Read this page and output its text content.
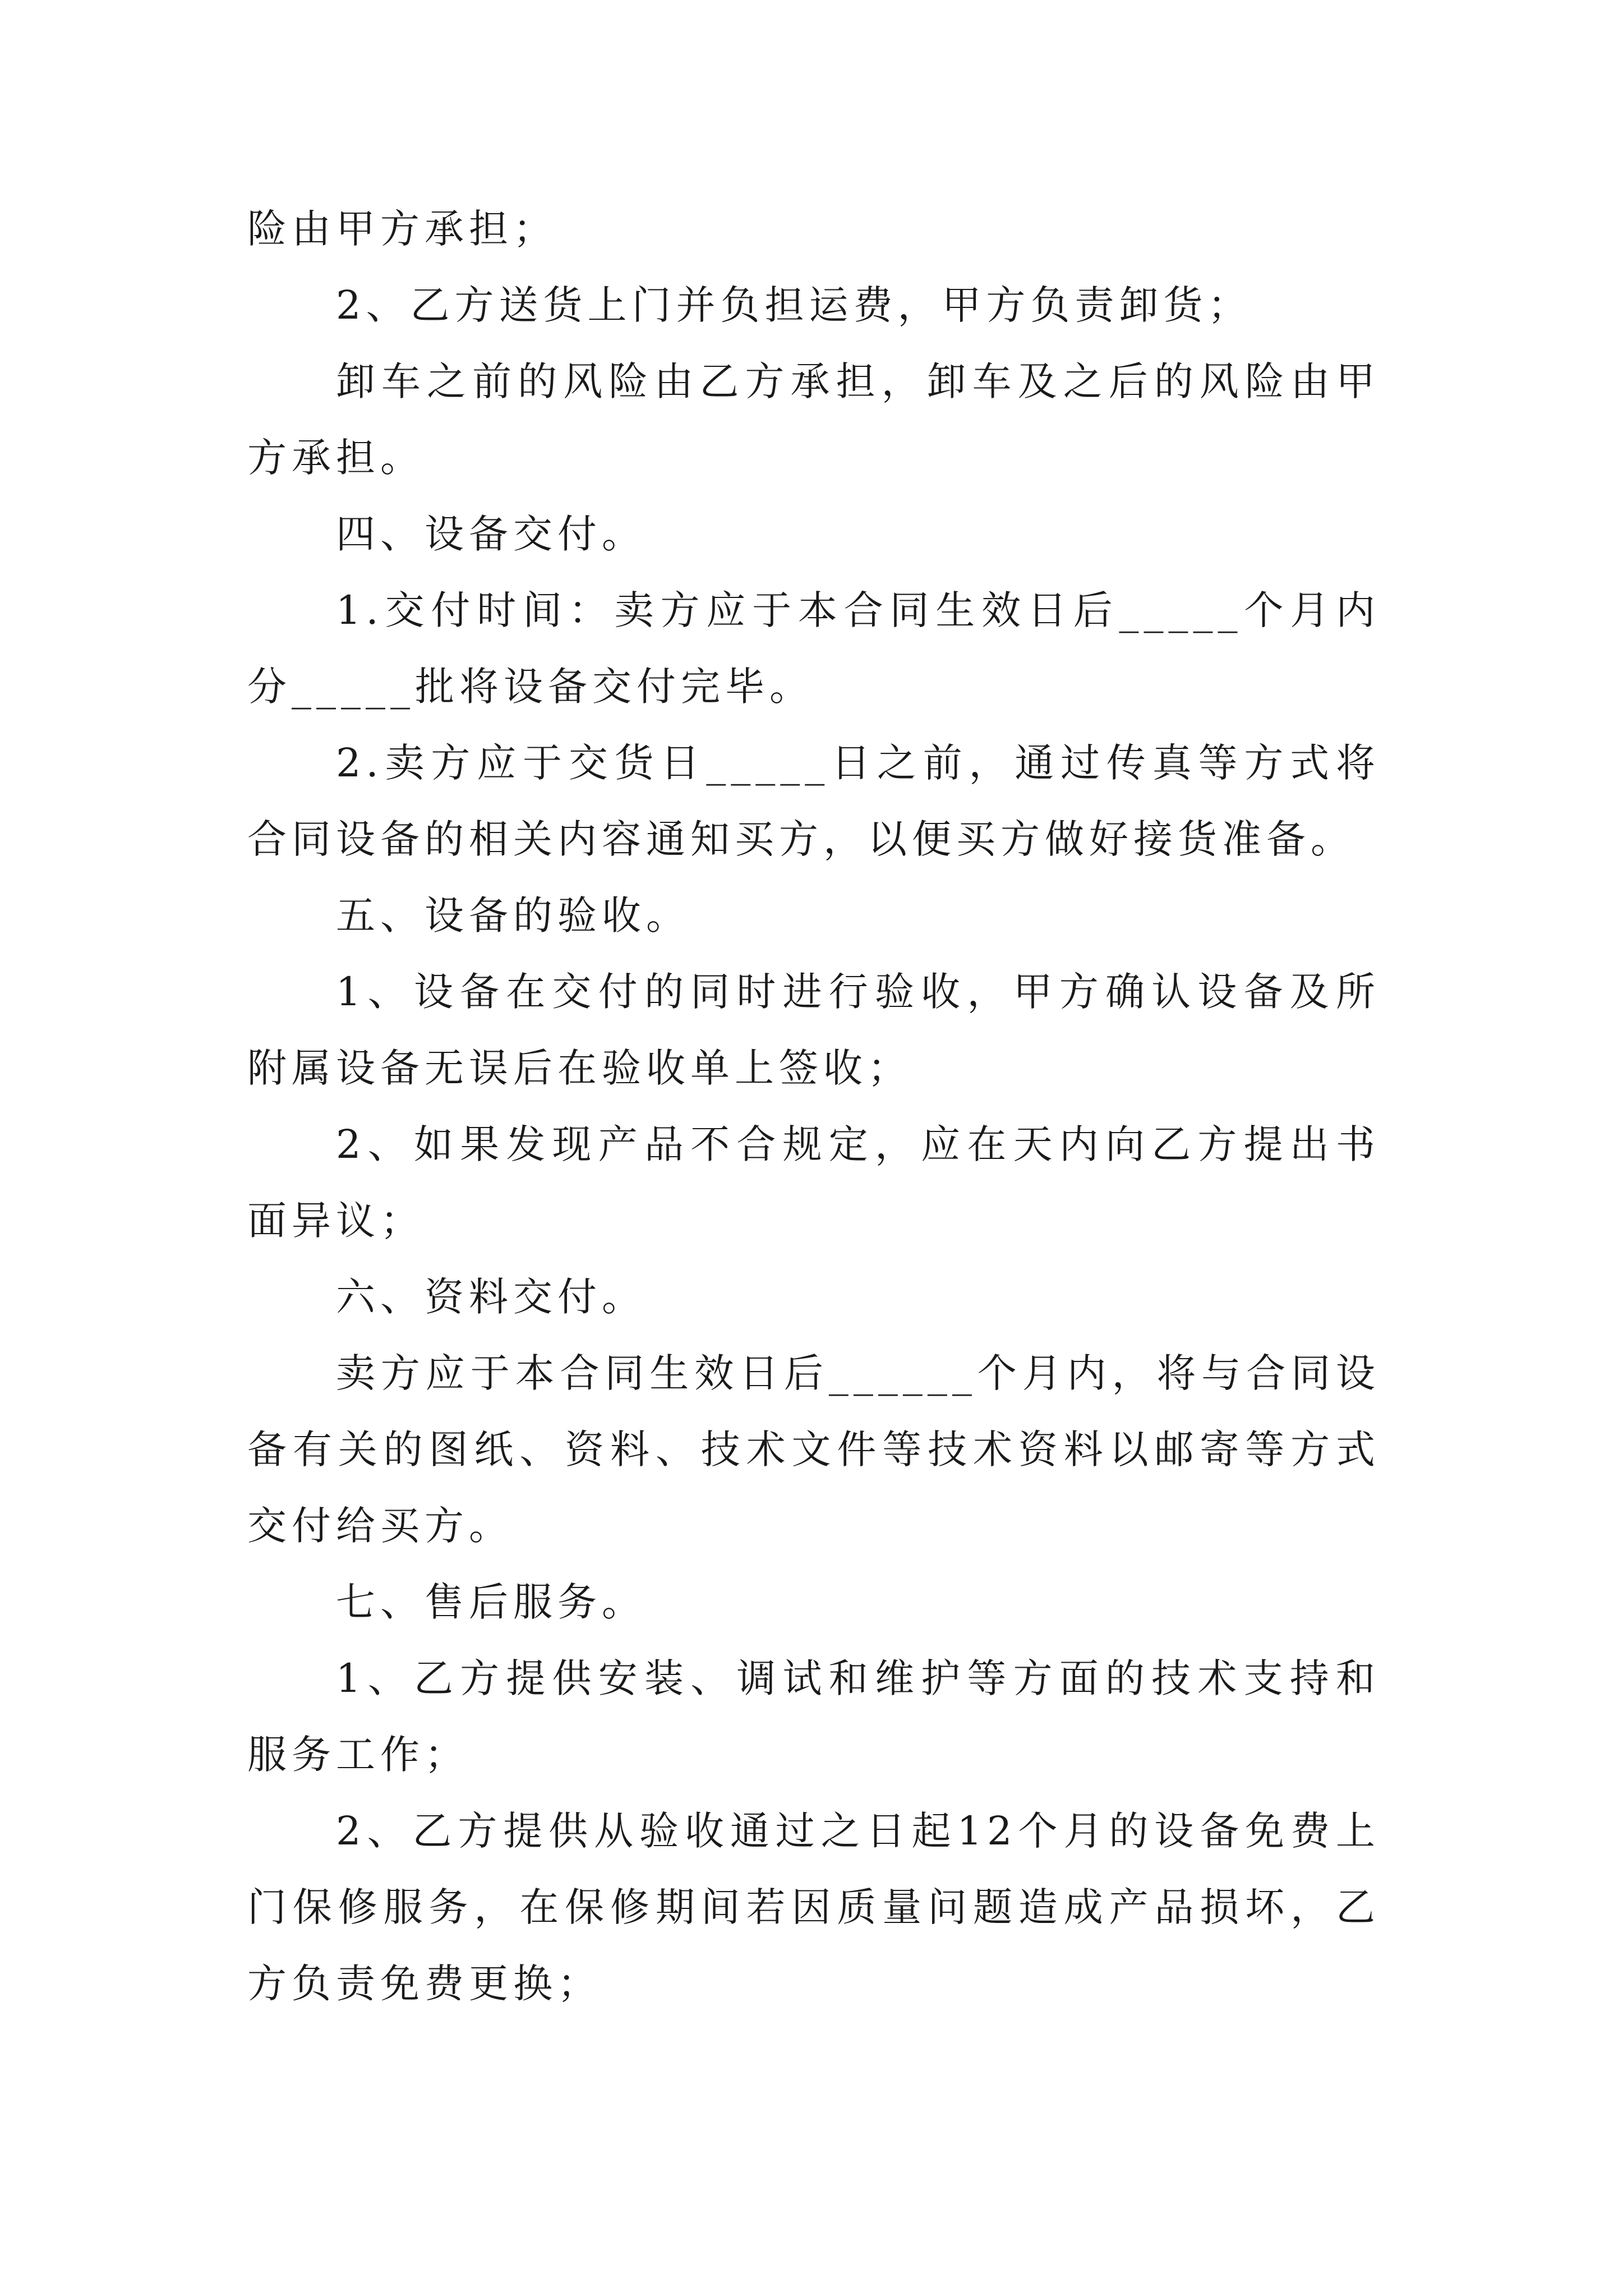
险由甲方承担；

2、乙方送货上门并负担运费，甲方负责卸货；

卸车之前的风险由乙方承担，卸车及之后的风险由甲方承担。

四、设备交付。

1.交付时间：卖方应于本合同生效日后_____个月内分_____批将设备交付完毕。

2.卖方应于交货日_____日之前，通过传真等方式将合同设备的相关内容通知买方，以便买方做好接货准备。

五、设备的验收。

1、设备在交付的同时进行验收，甲方确认设备及所附属设备无误后在验收单上签收；

2、如果发现产品不合规定，应在天内向乙方提出书面异议；

六、资料交付。

卖方应于本合同生效日后______个月内，将与合同设备有关的图纸、资料、技术文件等技术资料以邮寄等方式交付给买方。

七、售后服务。

1、乙方提供安装、调试和维护等方面的技术支持和服务工作；

2、乙方提供从验收通过之日起12个月的设备免费上门保修服务，在保修期间若因质量问题造成产品损坏，乙方负责免费更换；
